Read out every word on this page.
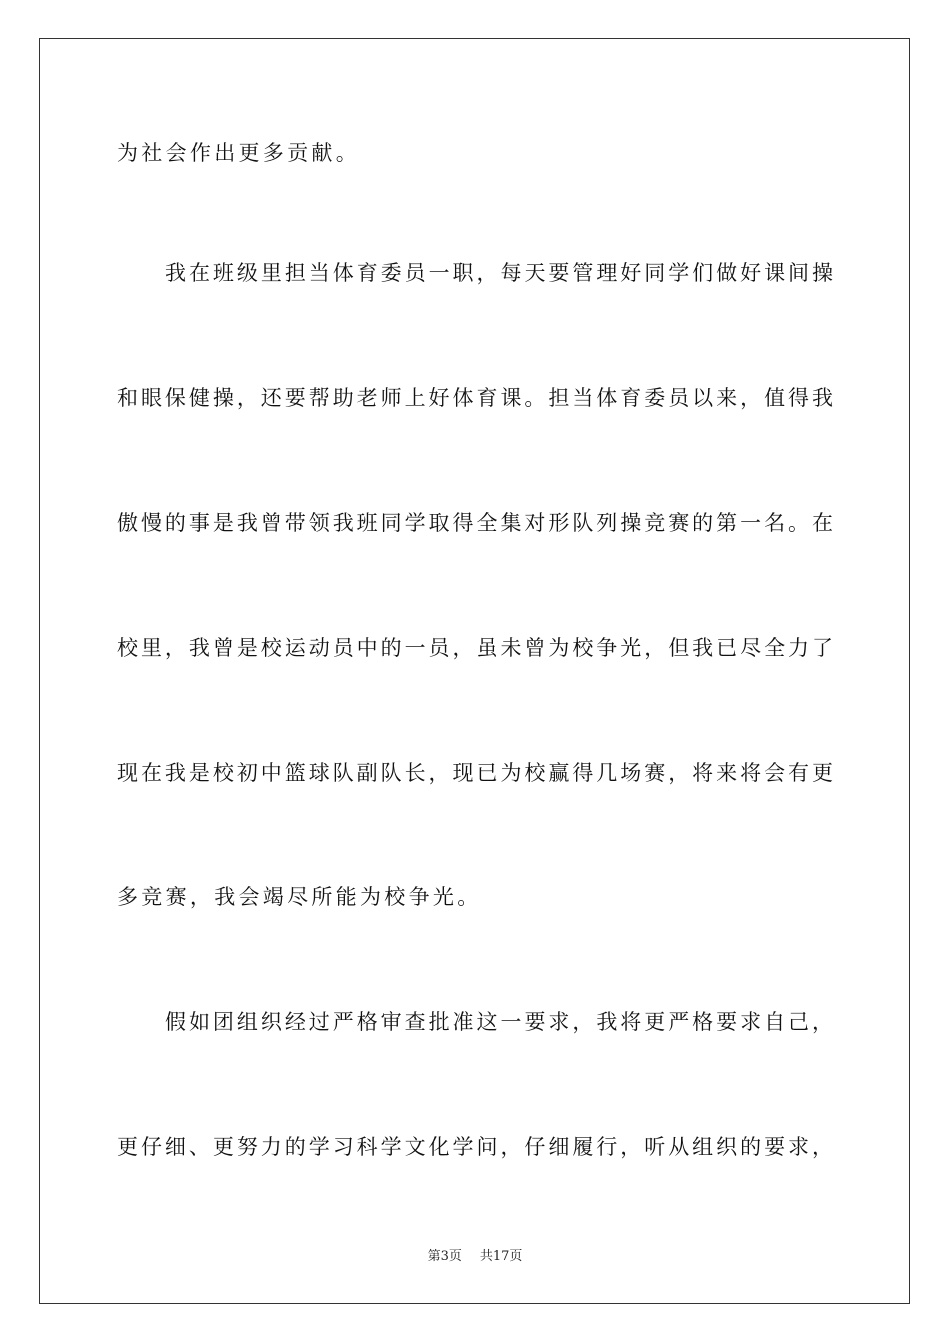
为社会作出更多贡献。
我在班级里担当体育委员一职，每天要管理好同学们做好课间操
和眼保健操，还要帮助老师上好体育课。担当体育委员以来，值得我
傲慢的事是我曾带领我班同学取得全集对形队列操竞赛的第一名。在
校里，我曾是校运动员中的一员，虽未曾为校争光，但我已尽全力了
现在我是校初中篮球队副队长，现已为校赢得几场赛，将来将会有更
多竞赛，我会竭尽所能为校争光。
假如团组织经过严格审查批准这一要求，我将更严格要求自己，
更仔细、更努力的学习科学文化学问，仔细履行，听从组织的要求，
第3页 共17页
